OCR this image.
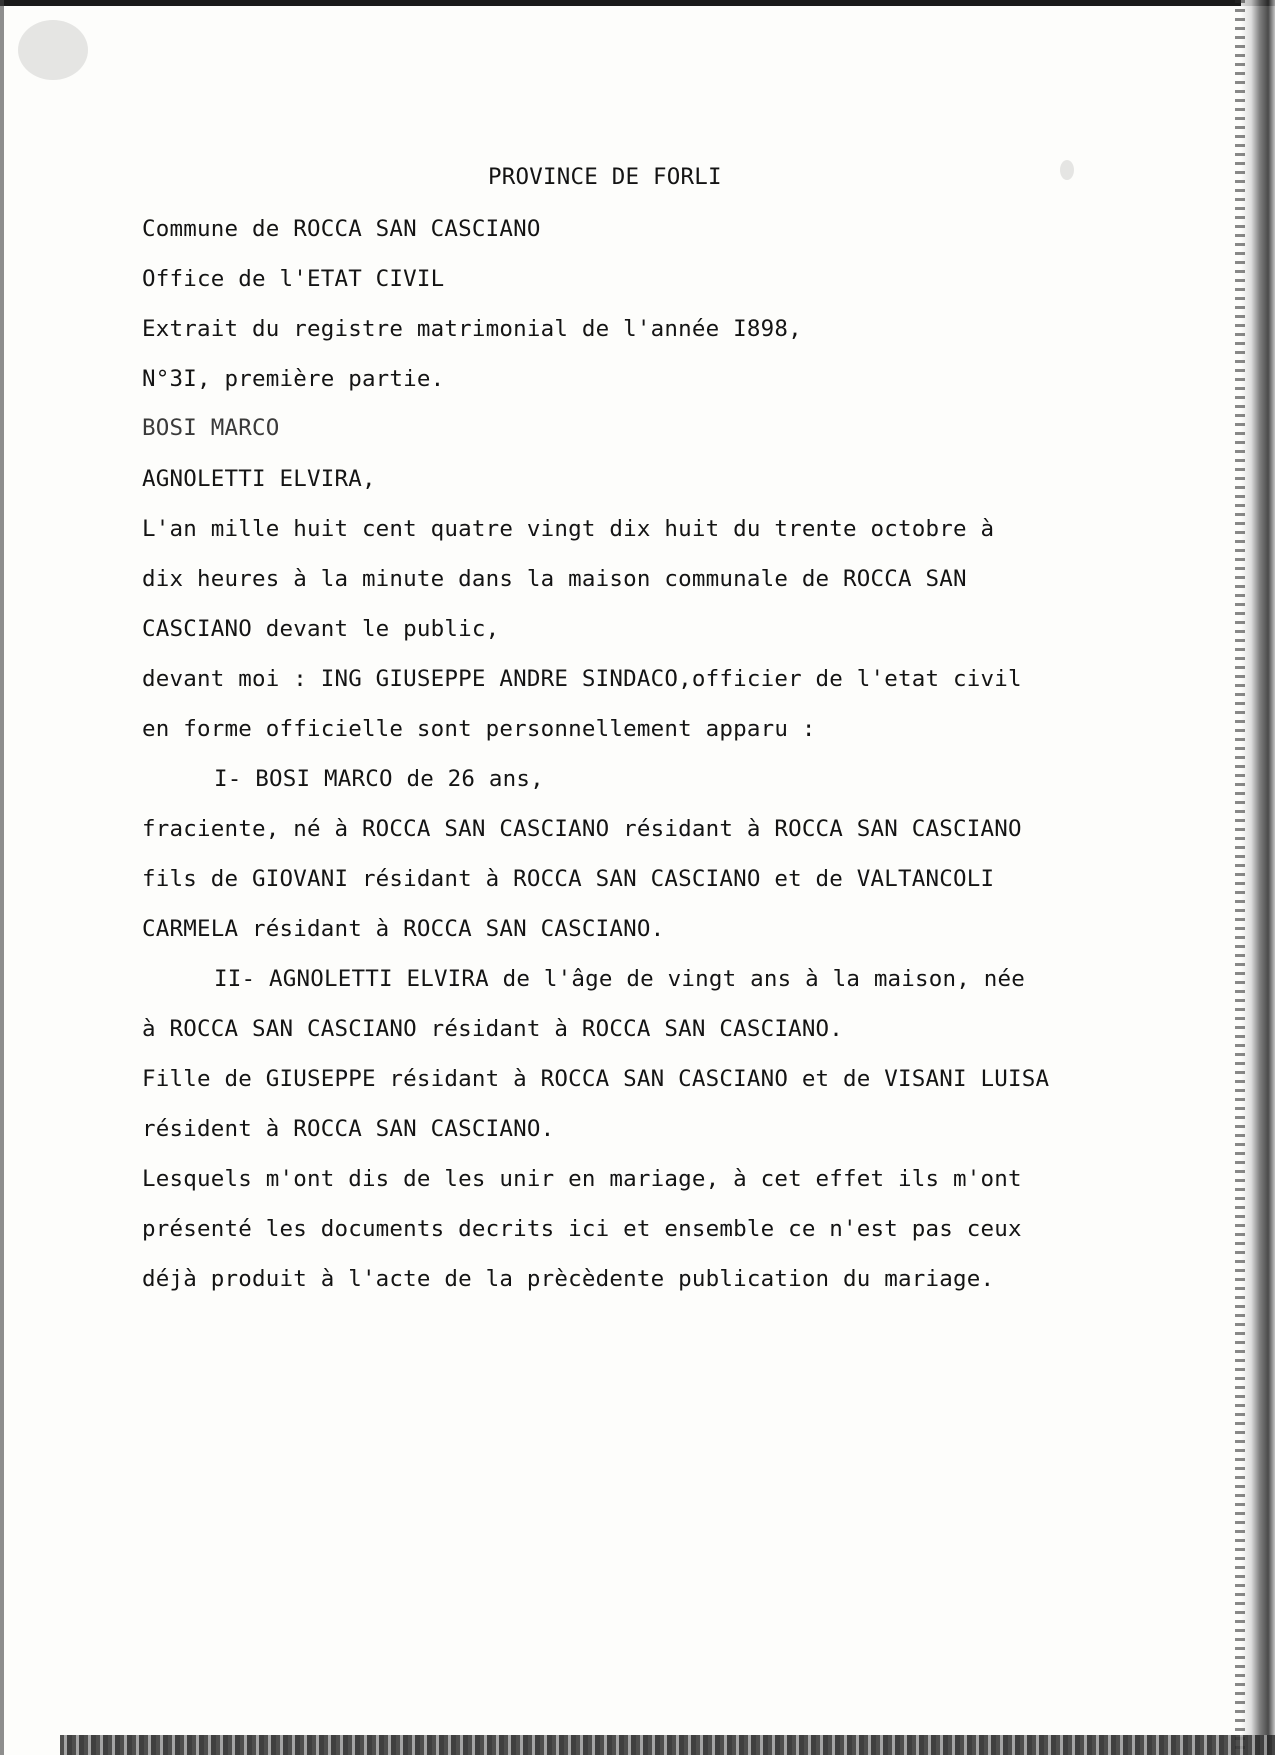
PROVINCE DE FORLI

Commune de ROCCA SAN CASCIANO

Office de l'ETAT CIVIL

Extrait du registre matrimonial de l'année I898,

N°3I, première partie.

BOSI MARCO

AGNOLETTI ELVIRA,

L'an mille huit cent quatre vingt dix huit du trente octobre à

dix heures à la minute dans la maison communale de ROCCA SAN

CASCIANO devant le public,

devant moi : ING GIUSEPPE ANDRE SINDACO,officier de l'etat civil

en forme officielle sont personnellement apparu :

I- BOSI MARCO de 26 ans,

fraciente, né à ROCCA SAN CASCIANO résidant à ROCCA SAN CASCIANO

fils de GIOVANI résidant à ROCCA SAN CASCIANO et de VALTANCOLI

CARMELA résidant à ROCCA SAN CASCIANO.

II- AGNOLETTI ELVIRA de l'âge de vingt ans à la maison, née

à ROCCA SAN CASCIANO résidant à ROCCA SAN CASCIANO.

Fille de GIUSEPPE résidant à ROCCA SAN CASCIANO et de VISANI LUISA

résident à ROCCA SAN CASCIANO.

Lesquels m'ont dis de les unir en mariage, à cet effet ils m'ont

présenté les documents decrits ici et ensemble ce n'est pas ceux

déjà produit à l'acte de la prècèdente publication du mariage.
